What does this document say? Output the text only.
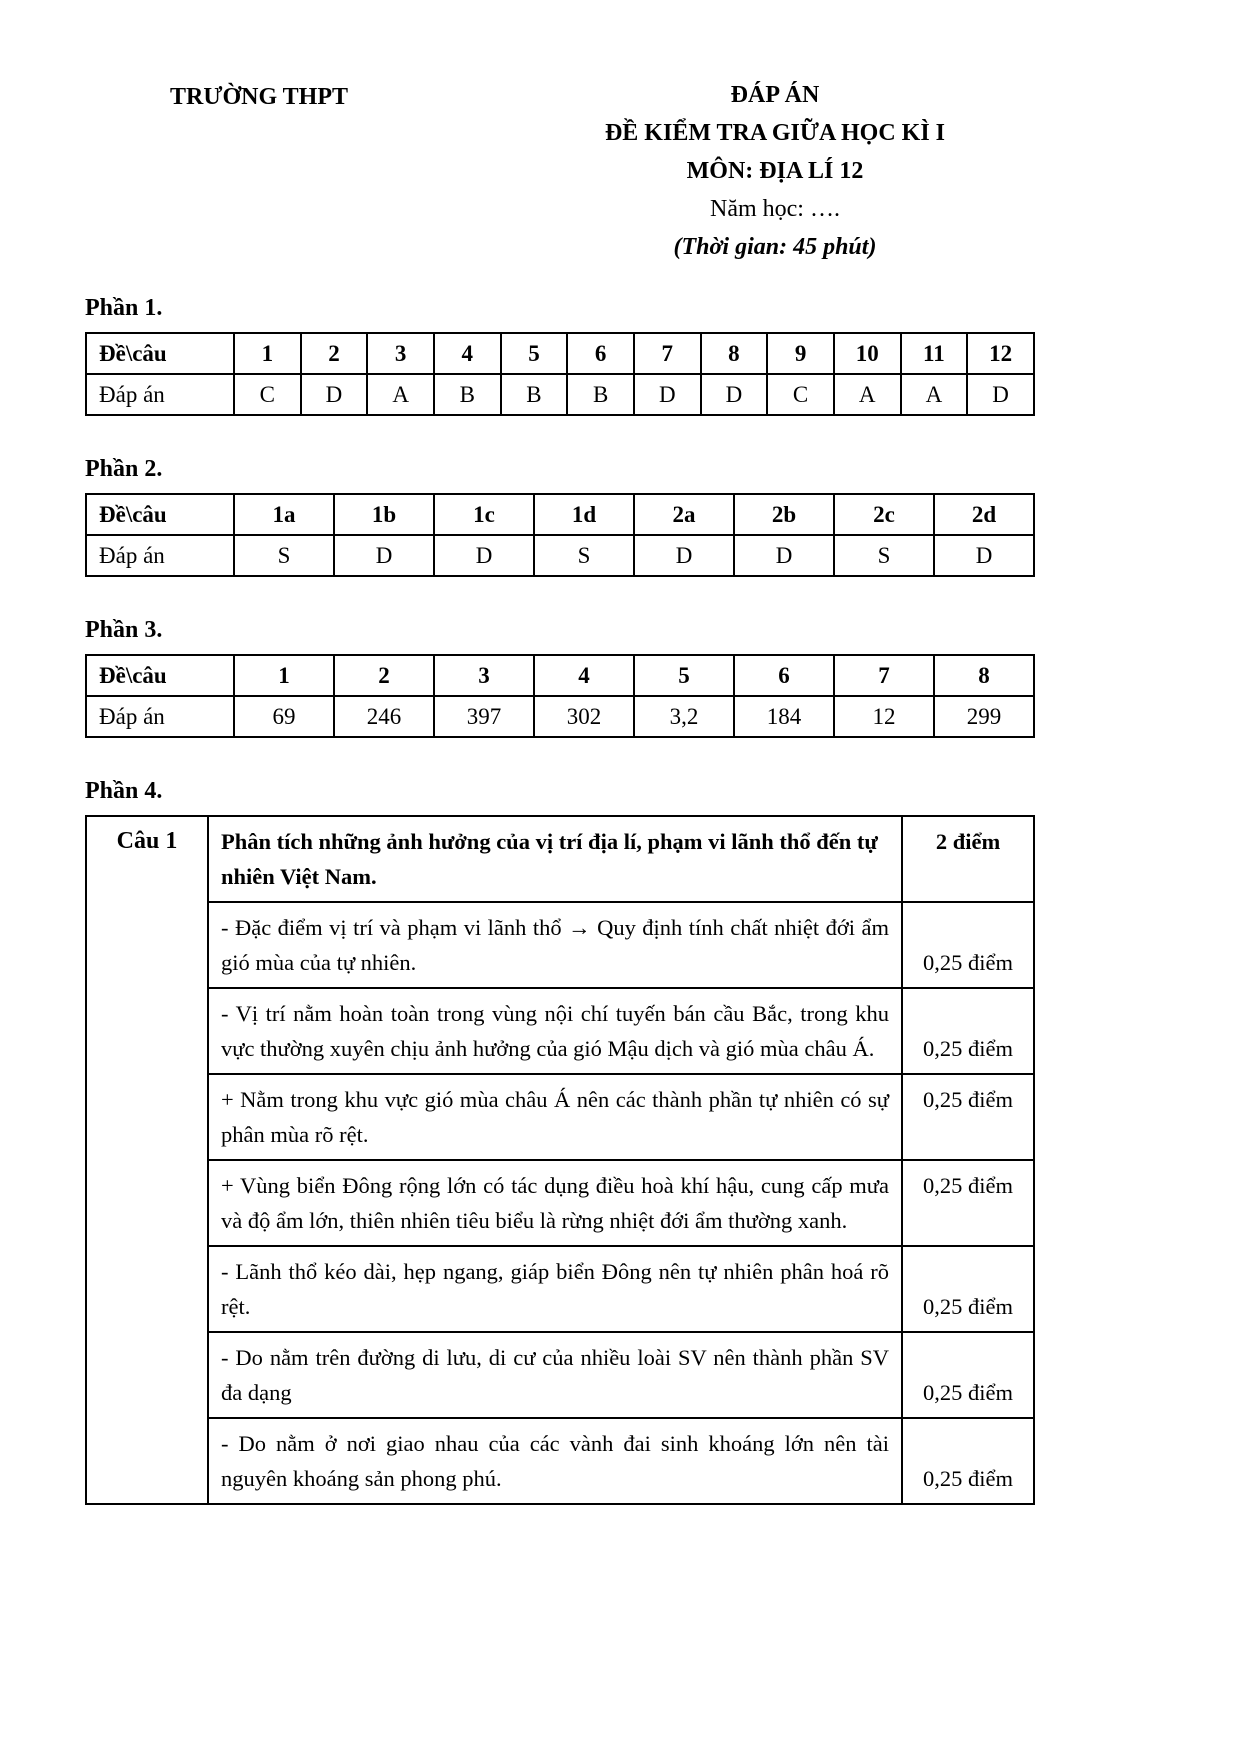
TRƯỜNG THPT	ĐÁP ÁN

ĐỀ KIỂM TRA GIỮA HỌC KÌ I

MÔN: ĐỊA LÍ 12

Năm học: ….

(Thời gian: 45 phút)

Phần 1.
Đề\câu	1	2	3	4	5	6	7	8	9	10	11	12
Đáp án	C	D	A	B	B	B	D	D	C	A	A	D
Phần 2.
Đề\câu	1a	1b	1c	1d	2a	2b	2c	2d
Đáp án	S	D	D	S	D	D	S	D
Phần 3.
Đề\câu	1	2	3	4	5	6	7	8
Đáp án	69	246	397	302	3,2	184	12	299
Phần 4.
Câu 1	Phân tích những ảnh hưởng của vị trí địa lí, phạm vi lãnh thổ đến tự nhiên Việt Nam.	2 điểm
	- Đặc điểm vị trí và phạm vi lãnh thổ → Quy định tính chất nhiệt đới ẩm gió mùa của tự nhiên.	0,25 điểm
	- Vị trí nằm hoàn toàn trong vùng nội chí tuyến bán cầu Bắc, trong khu vực thường xuyên chịu ảnh hưởng của gió Mậu dịch và gió mùa châu Á.	0,25 điểm
	+ Nằm trong khu vực gió mùa châu Á nên các thành phần tự nhiên có sự phân mùa rõ rệt.	0,25 điểm
	+ Vùng biển Đông rộng lớn có tác dụng điều hoà khí hậu, cung cấp mưa và độ ẩm lớn, thiên nhiên tiêu biểu là rừng nhiệt đới ẩm thường xanh.	0,25 điểm
	- Lãnh thổ kéo dài, hẹp ngang, giáp biển Đông nên tự nhiên phân hoá rõ rệt.	0,25 điểm
	- Do nằm trên đường di lưu, di cư của nhiều loài SV nên thành phần SV đa dạng	0,25 điểm
	- Do nằm ở nơi giao nhau của các vành đai sinh khoáng lớn nên tài nguyên khoáng sản phong phú.	0,25 điểm
